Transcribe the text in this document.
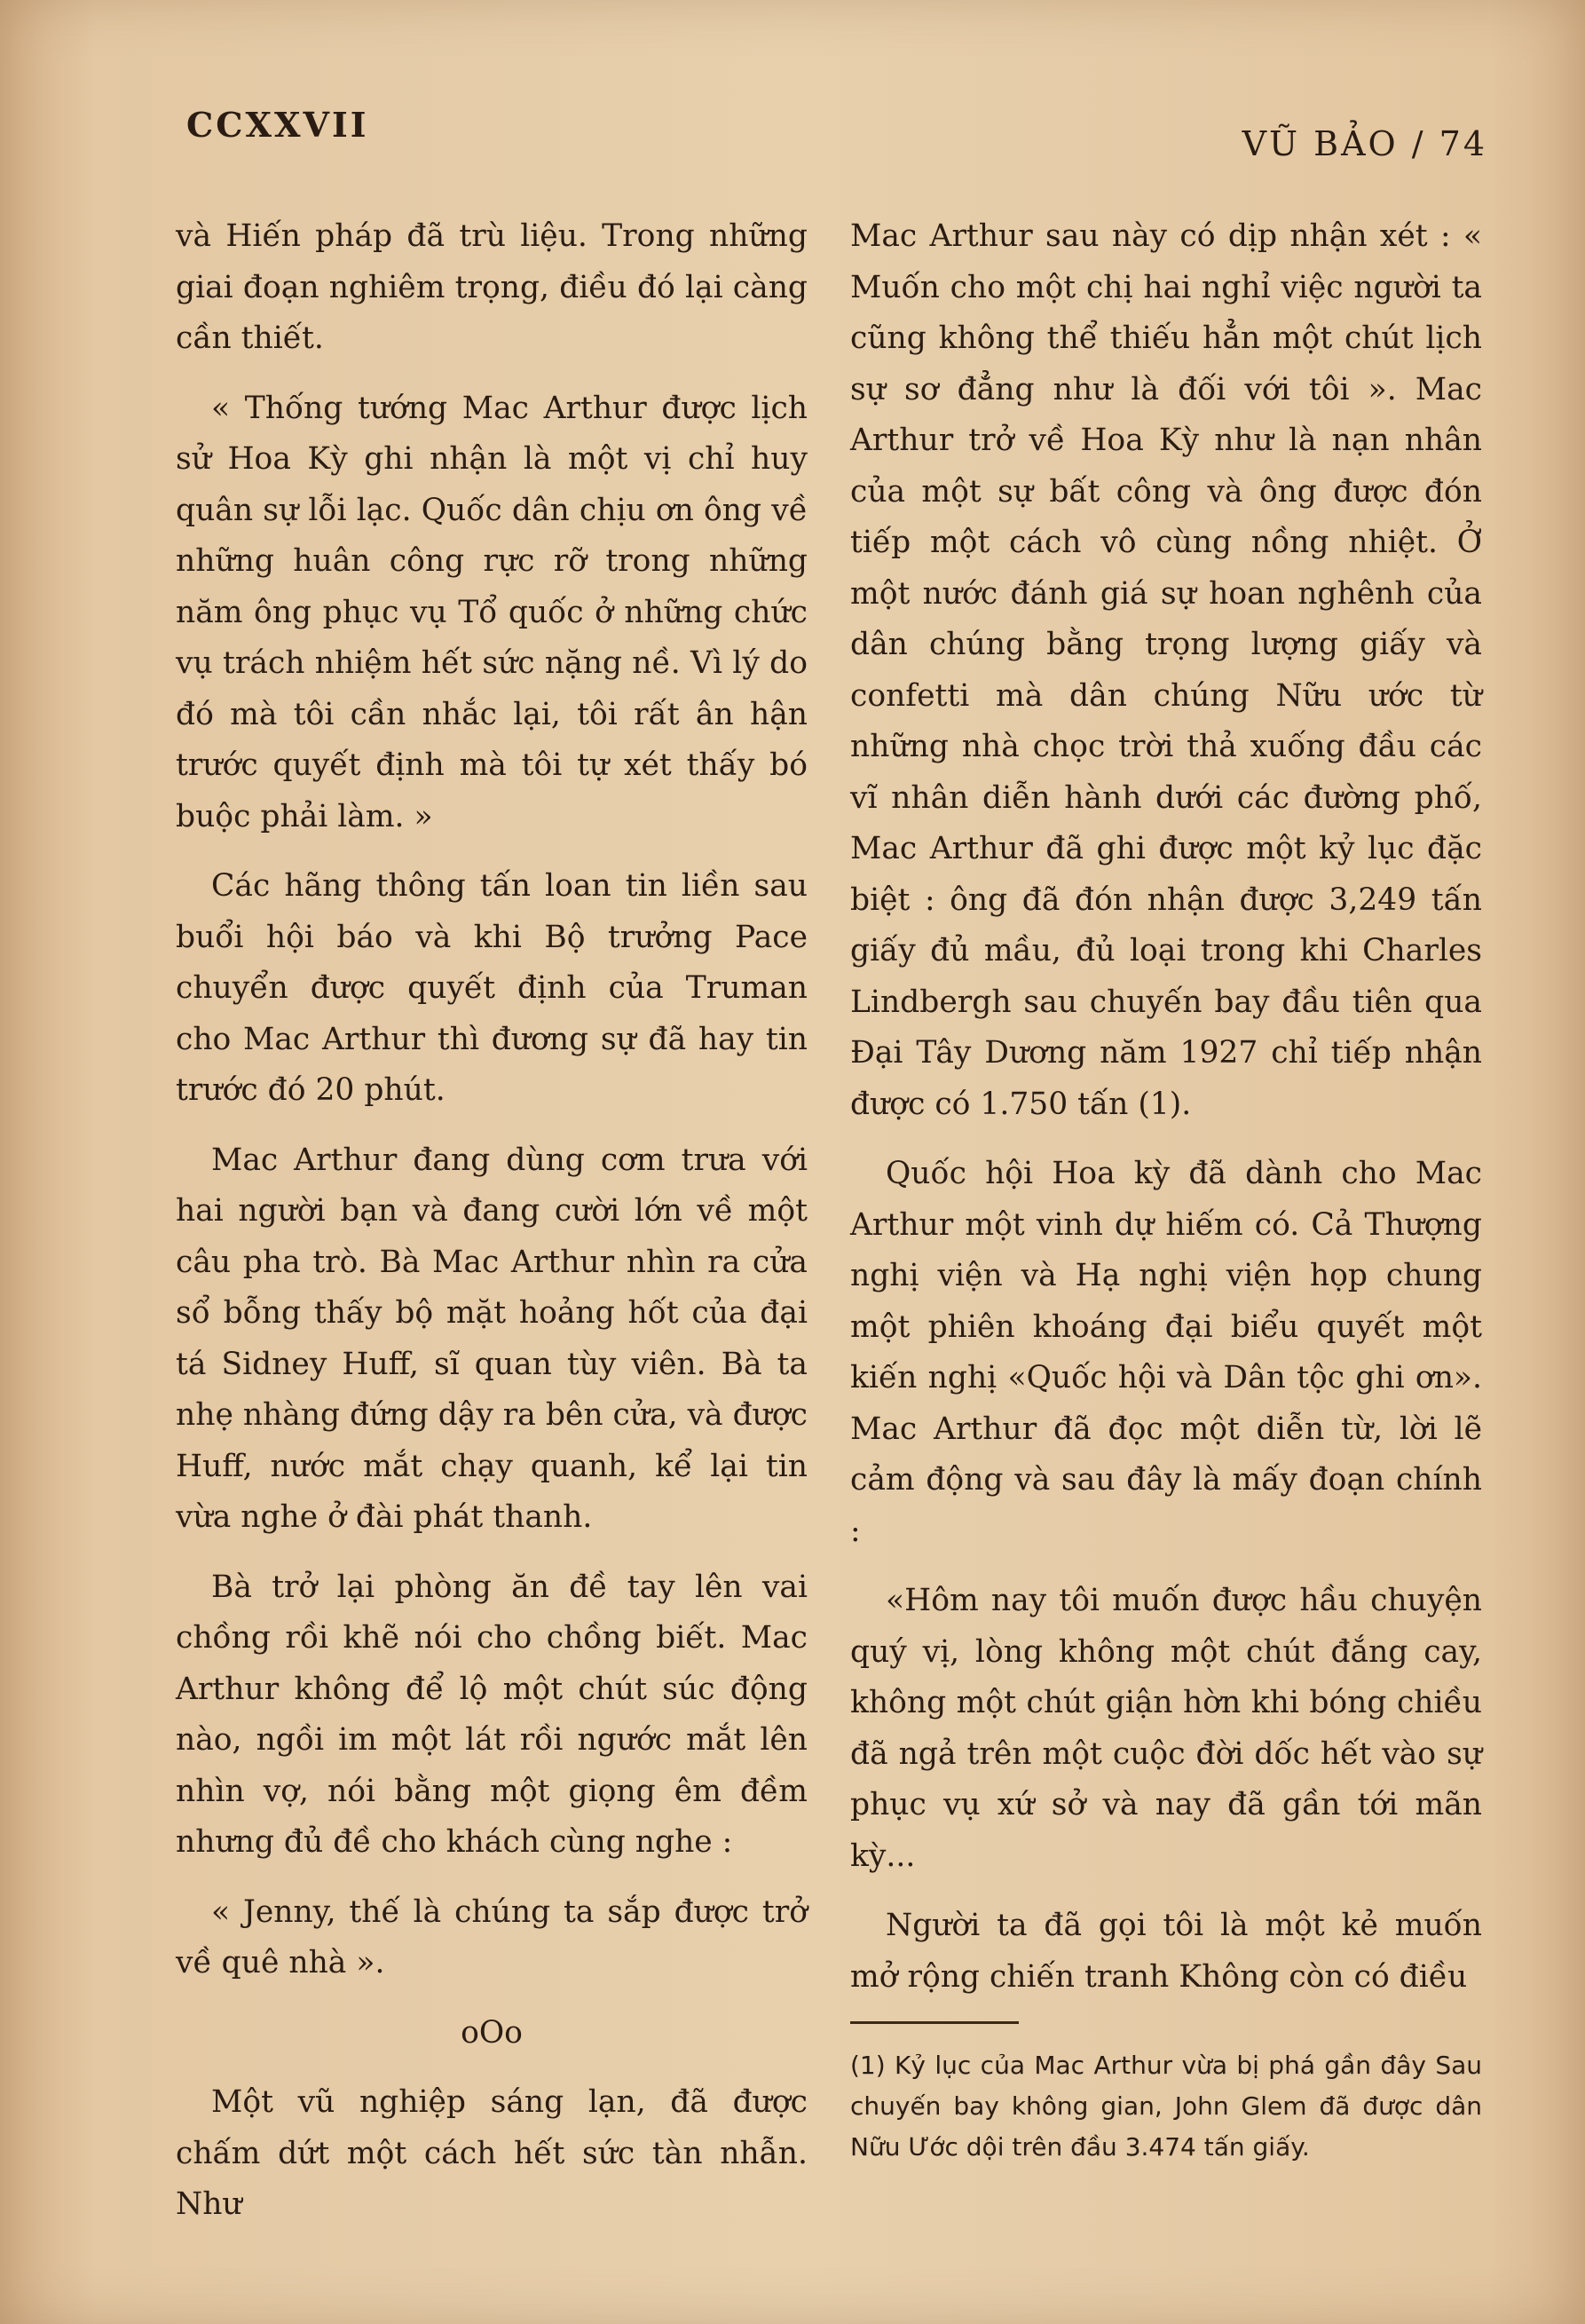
CCXXVII	VŨ BẢO / 74

và Hiến pháp đã trù liệu. Trong những giai đoạn nghiêm trọng, điều đó lại càng cần thiết.

« Thống tướng Mac Arthur được lịch sử Hoa Kỳ ghi nhận là một vị chỉ huy quân sự lỗi lạc. Quốc dân chịu ơn ông về những huân công rực rỡ trong những năm ông phục vụ Tổ quốc ở những chức vụ trách nhiệm hết sức nặng nề. Vì lý do đó mà tôi cần nhắc lại, tôi rất ân hận trước quyết định mà tôi tự xét thấy bó buộc phải làm. »

Các hãng thông tấn loan tin liền sau buổi hội báo và khi Bộ trưởng Pace chuyển được quyết định của Truman cho Mac Arthur thì đương sự đã hay tin trước đó 20 phút.

Mac Arthur đang dùng cơm trưa với hai người bạn và đang cười lớn về một câu pha trò. Bà Mac Arthur nhìn ra cửa sổ bỗng thấy bộ mặt hoảng hốt của đại tá Sidney Huff, sĩ quan tùy viên. Bà ta nhẹ nhàng đứng dậy ra bên cửa, và được Huff, nước mắt chạy quanh, kể lại tin vừa nghe ở đài phát thanh.

Bà trở lại phòng ăn đề tay lên vai chồng rồi khẽ nói cho chồng biết. Mac Arthur không để lộ một chút súc động nào, ngồi im một lát rồi ngước mắt lên nhìn vợ, nói bằng một giọng êm đềm nhưng đủ đề cho khách cùng nghe :

« Jenny, thế là chúng ta sắp được trở về quê nhà ».

oOo

Một vũ nghiệp sáng lạn, đã được chấm dứt một cách hết sức tàn nhẫn. Như

Mac Arthur sau này có dịp nhận xét : « Muốn cho một chị hai nghỉ việc người ta cũng không thể thiếu hẳn một chút lịch sự sơ đẳng như là đối với tôi ». Mac Arthur trở về Hoa Kỳ như là nạn nhân của một sự bất công và ông được đón tiếp một cách vô cùng nồng nhiệt. Ở một nước đánh giá sự hoan nghênh của dân chúng bằng trọng lượng giấy và confetti mà dân chúng Nữu ước từ những nhà chọc trời thả xuống đầu các vĩ nhân diễn hành dưới các đường phố, Mac Arthur đã ghi được một kỷ lục đặc biệt : ông đã đón nhận được 3,249 tấn giấy đủ mầu, đủ loại trong khi Charles Lindbergh sau chuyến bay đầu tiên qua Đại Tây Dương năm 1927 chỉ tiếp nhận được có 1.750 tấn (1).

Quốc hội Hoa kỳ đã dành cho Mac Arthur một vinh dự hiếm có. Cả Thượng nghị viện và Hạ nghị viện họp chung một phiên khoáng đại biểu quyết một kiến nghị «Quốc hội và Dân tộc ghi ơn». Mac Arthur đã đọc một diễn từ, lời lẽ cảm động và sau đây là mấy đoạn chính :

«Hôm nay tôi muốn được hầu chuyện quý vị, lòng không một chút đắng cay, không một chút giận hờn khi bóng chiều đã ngả trên một cuộc đời dốc hết vào sự phục vụ xứ sở và nay đã gần tới mãn kỳ...

Người ta đã gọi tôi là một kẻ muốn mở rộng chiến tranh Không còn có điều

(1) Kỷ lục của Mac Arthur vừa bị phá gần đây Sau chuyến bay không gian, John Glem đã được dân Nữu Ước dội trên đầu 3.474 tấn giấy.
